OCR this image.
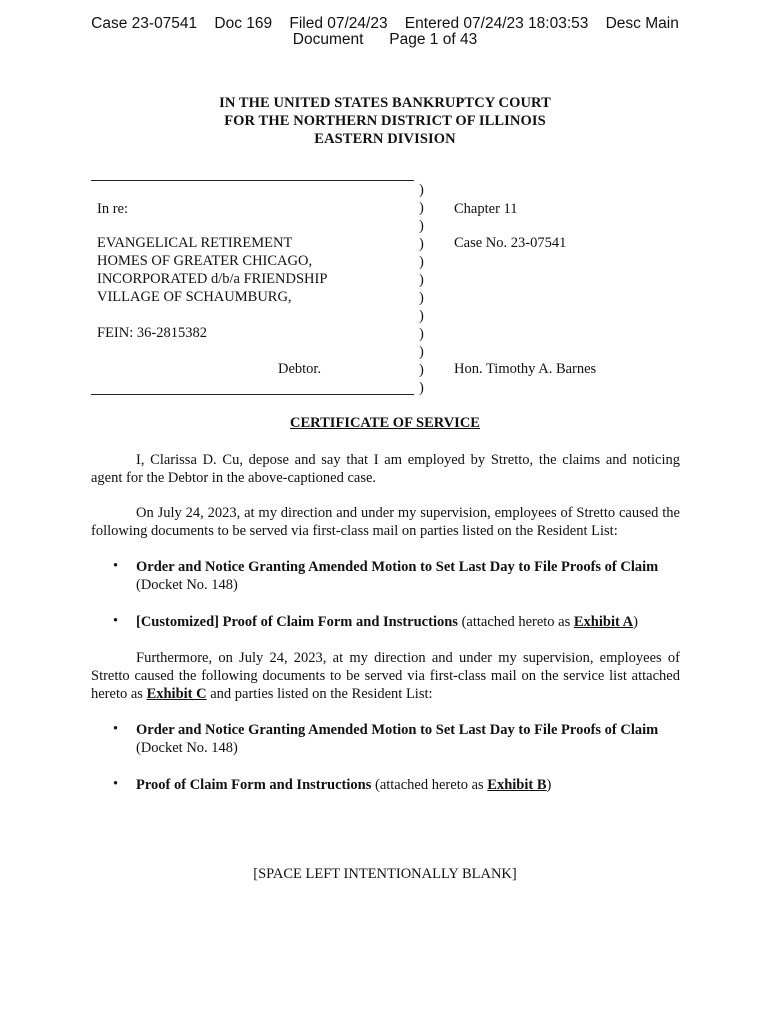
Case 23-07541    Doc 169    Filed 07/24/23    Entered 07/24/23 18:03:53    Desc Main
Document      Page 1 of 43
IN THE UNITED STATES BANKRUPTCY COURT
FOR THE NORTHERN DISTRICT OF ILLINOIS
EASTERN DIVISION
)
)
)
)
)
)
)
)
)
)
)
)
In re:
EVANGELICAL RETIREMENT
HOMES OF GREATER CHICAGO,
INCORPORATED d/b/a FRIENDSHIP
VILLAGE OF SCHAUMBURG,
FEIN: 36-2815382
Debtor.
Chapter 11
Case No. 23-07541
Hon. Timothy A. Barnes
CERTIFICATE OF SERVICE
I, Clarissa D. Cu, depose and say that I am employed by Stretto, the claims and noticing agent for the Debtor in the above-captioned case.
On July 24, 2023, at my direction and under my supervision, employees of Stretto caused the following documents to be served via first-class mail on parties listed on the Resident List:
• Order and Notice Granting Amended Motion to Set Last Day to File Proofs of Claim (Docket No. 148)
• [Customized] Proof of Claim Form and Instructions (attached hereto as Exhibit A)
Furthermore, on July 24, 2023, at my direction and under my supervision, employees of Stretto caused the following documents to be served via first-class mail on the service list attached hereto as Exhibit C and parties listed on the Resident List:
• Order and Notice Granting Amended Motion to Set Last Day to File Proofs of Claim (Docket No. 148)
• Proof of Claim Form and Instructions (attached hereto as Exhibit B)
[SPACE LEFT INTENTIONALLY BLANK]
